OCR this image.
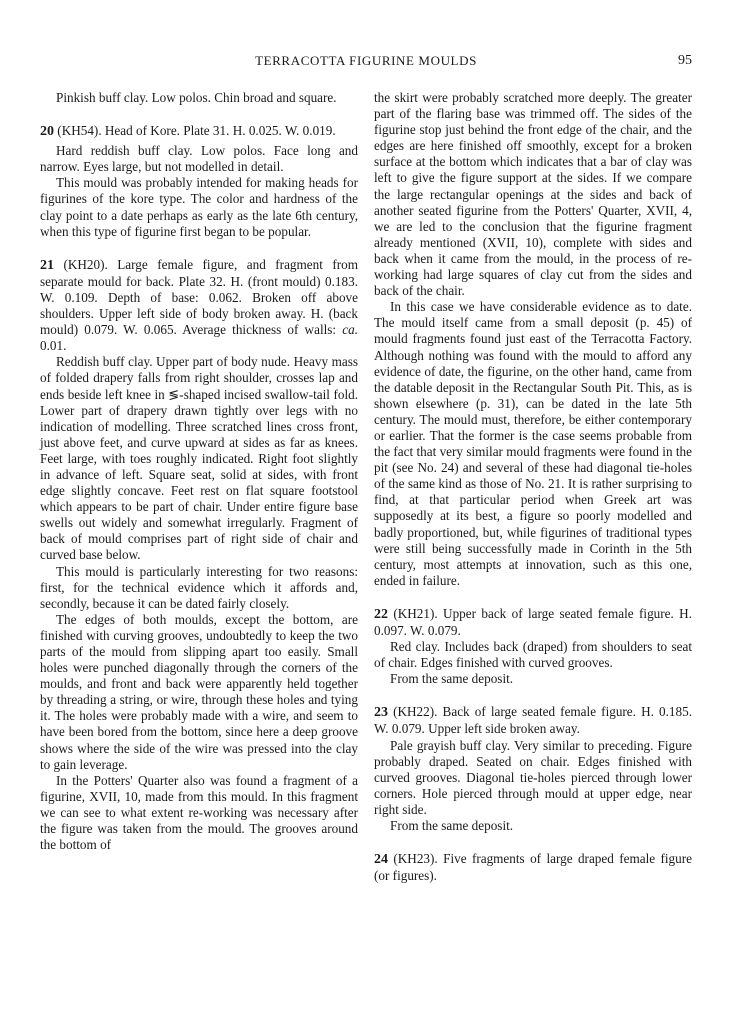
TERRACOTTA FIGURINE MOULDS	95

Pinkish buff clay. Low polos. Chin broad and square.

20 (KH54). Head of Kore. Plate 31. H. 0.025. W. 0.019.

Hard reddish buff clay. Low polos. Face long and narrow. Eyes large, but not modelled in detail.

This mould was probably intended for making heads for figurines of the kore type. The color and hardness of the clay point to a date perhaps as early as the late 6th century, when this type of figurine first began to be popular.

21 (KH20). Large female figure, and fragment from separate mould for back. Plate 32. H. (front mould) 0.183. W. 0.109. Depth of base: 0.062. Broken off above shoulders. Upper left side of body broken away. H. (back mould) 0.079. W. 0.065. Average thickness of walls: ca. 0.01.

Reddish buff clay. Upper part of body nude. Heavy mass of folded drapery falls from right shoulder, crosses lap and ends beside left knee in ≶-shaped incised swallow-tail fold. Lower part of drapery drawn tightly over legs with no indication of modelling. Three scratched lines cross front, just above feet, and curve upward at sides as far as knees. Feet large, with toes roughly indicated. Right foot slightly in advance of left. Square seat, solid at sides, with front edge slightly concave. Feet rest on flat square footstool which appears to be part of chair. Under entire figure base swells out widely and somewhat irregularly. Fragment of back of mould comprises part of right side of chair and curved base below.

This mould is particularly interesting for two reasons: first, for the technical evidence which it affords and, secondly, because it can be dated fairly closely.

The edges of both moulds, except the bottom, are finished with curving grooves, undoubtedly to keep the two parts of the mould from slipping apart too easily. Small holes were punched diagonally through the corners of the moulds, and front and back were apparently held together by threading a string, or wire, through these holes and tying it. The holes were probably made with a wire, and seem to have been bored from the bottom, since here a deep groove shows where the side of the wire was pressed into the clay to gain leverage.

In the Potters' Quarter also was found a fragment of a figurine, XVII, 10, made from this mould. In this fragment we can see to what extent re-working was necessary after the figure was taken from the mould. The grooves around the bottom of

the skirt were probably scratched more deeply. The greater part of the flaring base was trimmed off. The sides of the figurine stop just behind the front edge of the chair, and the edges are here finished off smoothly, except for a broken surface at the bottom which indicates that a bar of clay was left to give the figure support at the sides. If we compare the large rectangular openings at the sides and back of another seated figurine from the Potters' Quarter, XVII, 4, we are led to the conclusion that the figurine fragment already mentioned (XVII, 10), complete with sides and back when it came from the mould, in the process of re-working had large squares of clay cut from the sides and back of the chair.

In this case we have considerable evidence as to date. The mould itself came from a small deposit (p. 45) of mould fragments found just east of the Terracotta Factory. Although nothing was found with the mould to afford any evidence of date, the figurine, on the other hand, came from the datable deposit in the Rectangular South Pit. This, as is shown elsewhere (p. 31), can be dated in the late 5th century. The mould must, therefore, be either contemporary or earlier. That the former is the case seems probable from the fact that very similar mould fragments were found in the pit (see No. 24) and several of these had diagonal tie-holes of the same kind as those of No. 21. It is rather surprising to find, at that particular period when Greek art was supposedly at its best, a figure so poorly modelled and badly proportioned, but, while figurines of traditional types were still being successfully made in Corinth in the 5th century, most attempts at innovation, such as this one, ended in failure.

22 (KH21). Upper back of large seated female figure. H. 0.097. W. 0.079.

Red clay. Includes back (draped) from shoulders to seat of chair. Edges finished with curved grooves.

From the same deposit.

23 (KH22). Back of large seated female figure. H. 0.185. W. 0.079. Upper left side broken away.

Pale grayish buff clay. Very similar to preceding. Figure probably draped. Seated on chair. Edges finished with curved grooves. Diagonal tie-holes pierced through lower corners. Hole pierced through mould at upper edge, near right side.

From the same deposit.

24 (KH23). Five fragments of large draped female figure (or figures).
